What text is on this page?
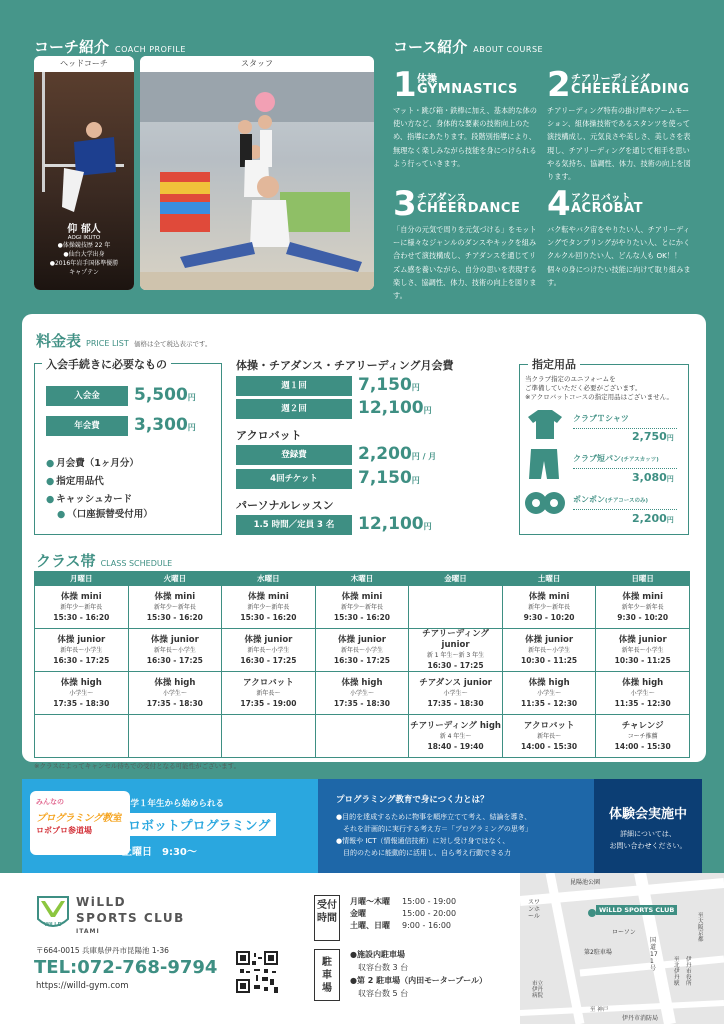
コーチ紹介 COACH PROFILE
ヘッドコーチ
仰 郁人
AOGI IKUTO
●体操競技歴 22 年
●仙台大学出身
●2016年岩手国体準優勝
キャプテン
スタッフ
コース紹介 ABOUT COURSE
1 体操
GYMNASTICS
マット・跳び箱・鉄棒に加え、基本的な体の使い方など、身体的な要素の技術向上のため、指導にあたります。段階別指導により、無理なく楽しみながら技能を身につけられるよう行っていきます。
2 チアリーディング
CHEERLEADING
チアリーディング特有の掛け声やアームモーション、組体操技術であるスタンツを使って演技構成し、元気良さや美しさ、美しさを表現し、チアリーディングを通じて相手を思いやる気持ち、協調性、体力、技術の向上を図ります。
3 チアダンス
CHEERDANCE
「自分の元気で周りを元気づける」をモットーに様々なジャンルのダンスやキックを組み合わせて演技構成し、チアダンスを通じてリズム感を養いながら、自分の思いを表現する楽しさ、協調性、体力、技術の向上を図ります。
4 アクロバット
ACROBAT
バク転やバク宙をやりたい人、チアリーディングでタンブリングがやりたい人、とにかくクルクル回りたい人、どんな人も OK！！個々の身につけたい技能に向けて取り組みます。
料金表 PRICE LIST 価格は全て税込表示です。
入会手続きに必要なもの
入会金	5,500円
年会費	3,300円
● 月会費（1ヶ月分）
● 指定用品代
● キャッシュカード
● （口座振替受付用）
体操・チアダンス・チアリーディング月会費
週１回	7,150円
週２回	12,100円
アクロバット
登録費	2,200円 / 月
4回チケット	7,150円
パーソナルレッスン
1.5 時間／定員 3 名	12,100円
指定用品
当クラブ指定のユニフォームを
ご準備していただく必要がございます。
※アクロバットコースの指定用品はございません。
クラブＴシャツ
2,750円
クラブ短パン(チアスカッツ)
3,080円
ポンポン(チアコースのみ)
2,200円
クラス帯 CLASS SCHEDULE
月曜日	火曜日	水曜日	木曜日	金曜日	土曜日	日曜日

体操 mini
新年少～新年長
15:30 - 16:20	体操 mini
新年少～新年長
15:30 - 16:20	体操 mini
新年少～新年長
15:30 - 16:20	体操 mini
新年少～新年長
15:30 - 16:20		体操 mini
新年少～新年長
9:30 - 10:20	体操 mini
新年少～新年長
9:30 - 10:20

体操 junior
新年長～小学生
16:30 - 17:25	体操 junior
新年長～小学生
16:30 - 17:25	体操 junior
新年長～小学生
16:30 - 17:25	体操 junior
新年長～小学生
16:30 - 17:25	チアリーディング junior
新 1 年生～新 3 年生
16:30 - 17:25	体操 junior
新年長～小学生
10:30 - 11:25	体操 junior
新年長～小学生
10:30 - 11:25

体操 high
小学生～
17:35 - 18:30	体操 high
小学生～
17:35 - 18:30	アクロバット
新年長～
17:35 - 19:00	体操 high
小学生～
17:35 - 18:30	チアダンス junior
小学生～
17:35 - 18:30	体操 high
小学生～
11:35 - 12:30	体操 high
小学生～
11:35 - 12:30

				チアリーディング high
新 4 年生～
18:40 - 19:40	アクロバット
新年長～
14:00 - 15:30	チャレンジ
コーチ推薦
14:00 - 15:30
※クラスによってキャンセル待ちでの受付となる可能性がございます。
みんなの
プログラミング教室
ロボプロ参道場
小学１年生から始められる
ロボットプログラミング
土曜日　9:30～
プログラミング教育で身につく力とは？
●目的を達成するために物事を順序立てて考え、結論を導き、
　それを計画的に実行する考え方＝「プログラミングの思考」
●情報や ICT（情報通信技術）に対し受け身ではなく、
　目的のために能動的に活用し、自ら考え行動できる力
体験会実施中
詳細については、
お問い合わせください。
WiLLD
WiLLD
SPORTS CLUB
ITAMI
〒664-0015 兵庫県伊丹市昆陽池 1-36
TEL:072-768-9794
https://willd-gym.com
受付時間
月曜～木曜 15:00 - 19:00
金曜	15:00 - 20:00
土曜、日曜 9:00 - 16:00
駐車場
●施設内駐車場
　収容台数 3 台
●第 2 駐車場（内田モータープール）
　収容台数 5 台
昆陽池公園
スワンホール
WiLLD SPORTS CLUB
ローソン
第2駐車場
国道 171 号
至 大阪 京都
至 北伊丹駅
伊丹市役所
市立伊丹病院
伊丹市消防局
至 神戸
